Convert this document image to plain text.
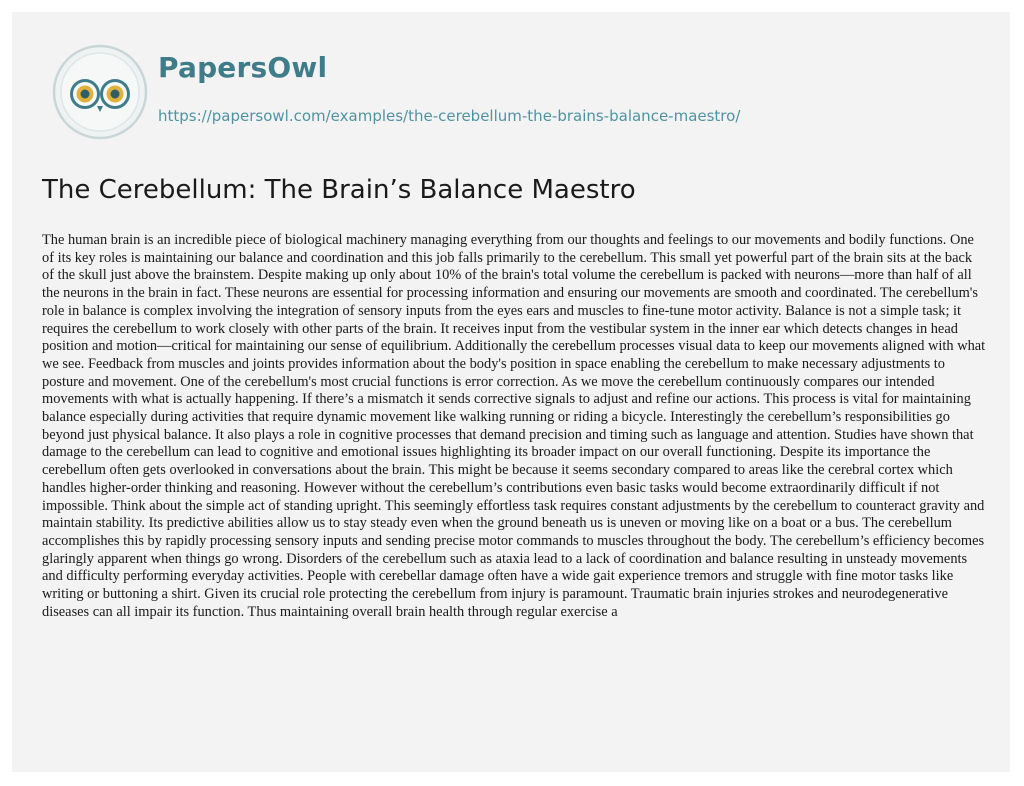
PapersOwl
https://papersowl.com/examples/the-cerebellum-the-brains-balance-maestro/
The Cerebellum: The Brain’s Balance Maestro

The human brain is an incredible piece of biological machinery managing everything from our thoughts and feelings to our movements and bodily functions. One of its key roles is maintaining our balance and coordination and this job falls primarily to the cerebellum. This small yet powerful part of the brain sits at the back of the skull just above the brainstem. Despite making up only about 10% of the brain's total volume the cerebellum is packed with neurons—more than half of all the neurons in the brain in fact. These neurons are essential for processing information and ensuring our movements are smooth and coordinated. The cerebellum's role in balance is complex involving the integration of sensory inputs from the eyes ears and muscles to fine-tune motor activity. Balance is not a simple task; it requires the cerebellum to work closely with other parts of the brain. It receives input from the vestibular system in the inner ear which detects changes in head position and motion—critical for maintaining our sense of equilibrium. Additionally the cerebellum processes visual data to keep our movements aligned with what we see. Feedback from muscles and joints provides information about the body's position in space enabling the cerebellum to make necessary adjustments to posture and movement. One of the cerebellum's most crucial functions is error correction. As we move the cerebellum continuously compares our intended movements with what is actually happening. If there’s a mismatch it sends corrective signals to adjust and refine our actions. This process is vital for maintaining balance especially during activities that require dynamic movement like walking running or riding a bicycle. Interestingly the cerebellum’s responsibilities go beyond just physical balance. It also plays a role in cognitive processes that demand precision and timing such as language and attention. Studies have shown that damage to the cerebellum can lead to cognitive and emotional issues highlighting its broader impact on our overall functioning. Despite its importance the cerebellum often gets overlooked in conversations about the brain. This might be because it seems secondary compared to areas like the cerebral cortex which handles higher-order thinking and reasoning. However without the cerebellum’s contributions even basic tasks would become extraordinarily difficult if not impossible. Think about the simple act of standing upright. This seemingly effortless task requires constant adjustments by the cerebellum to counteract gravity and maintain stability. Its predictive abilities allow us to stay steady even when the ground beneath us is uneven or moving like on a boat or a bus. The cerebellum accomplishes this by rapidly processing sensory inputs and sending precise motor commands to muscles throughout the body. The cerebellum’s efficiency becomes glaringly apparent when things go wrong. Disorders of the cerebellum such as ataxia lead to a lack of coordination and balance resulting in unsteady movements and difficulty performing everyday activities. People with cerebellar damage often have a wide gait experience tremors and struggle with fine motor tasks like writing or buttoning a shirt. Given its crucial role protecting the cerebellum from injury is paramount. Traumatic brain injuries strokes and neurodegenerative diseases can all impair its function. Thus maintaining overall brain health through regular exercise a
